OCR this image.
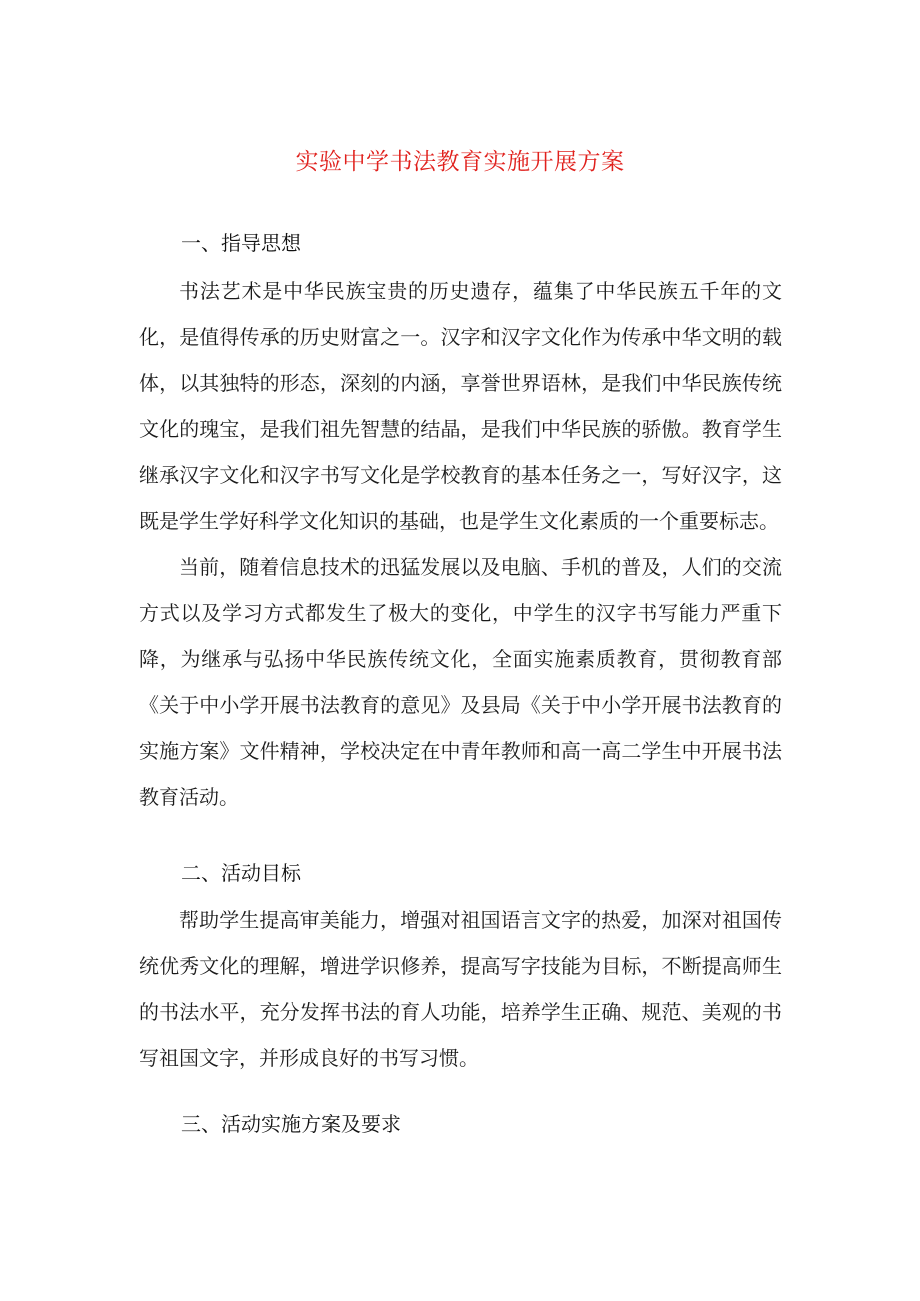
实验中学书法教育实施开展方案
一、指导思想

书法艺术是中华民族宝贵的历史遗存，蕴集了中华民族五千年的文化，是值得传承的历史财富之一。汉字和汉字文化作为传承中华文明的载体，以其独特的形态，深刻的内涵，享誉世界语林，是我们中华民族传统文化的瑰宝，是我们祖先智慧的结晶，是我们中华民族的骄傲。教育学生继承汉字文化和汉字书写文化是学校教育的基本任务之一，写好汉字，这既是学生学好科学文化知识的基础，也是学生文化素质的一个重要标志。

当前，随着信息技术的迅猛发展以及电脑、手机的普及，人们的交流方式以及学习方式都发生了极大的变化，中学生的汉字书写能力严重下降，为继承与弘扬中华民族传统文化，全面实施素质教育，贯彻教育部《关于中小学开展书法教育的意见》及县局《关于中小学开展书法教育的实施方案》文件精神，学校决定在中青年教师和高一高二学生中开展书法教育活动。

二、活动目标

帮助学生提高审美能力，增强对祖国语言文字的热爱，加深对祖国传统优秀文化的理解，增进学识修养，提高写字技能为目标，不断提高师生的书法水平，充分发挥书法的育人功能，培养学生正确、规范、美观的书写祖国文字，并形成良好的书写习惯。

三、活动实施方案及要求
